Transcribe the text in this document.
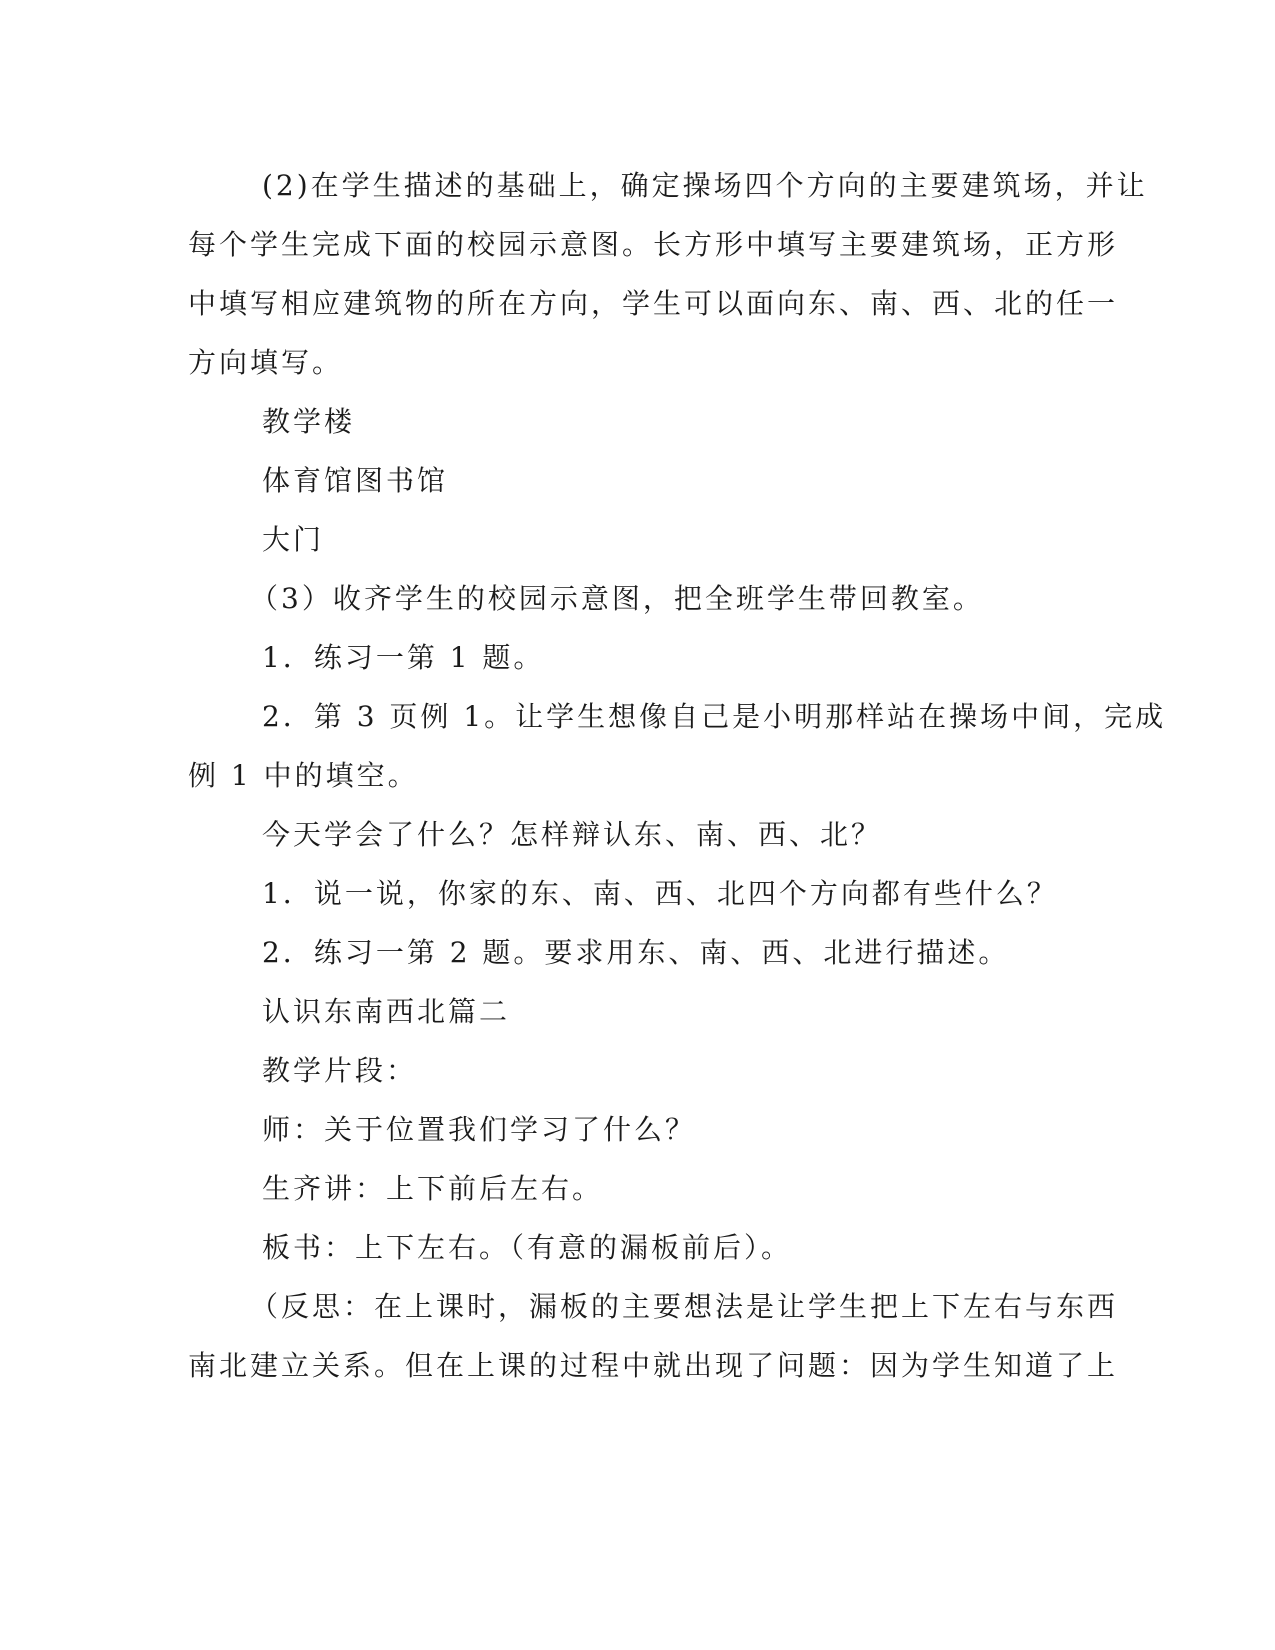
(2)在学生描述的基础上，确定操场四个方向的主要建筑场，并让
每个学生完成下面的校园示意图。长方形中填写主要建筑场，正方形
中填写相应建筑物的所在方向，学生可以面向东、南、西、北的任一
方向填写。
教学楼
体育馆图书馆
大门
（3）收齐学生的校园示意图，把全班学生带回教室。
1．练习一第 1 题。
2．第 3 页例 1。让学生想像自己是小明那样站在操场中间，完成
例 1 中的填空。
今天学会了什么？怎样辩认东、南、西、北？
1．说一说，你家的东、南、西、北四个方向都有些什么？
2．练习一第 2 题。要求用东、南、西、北进行描述。
认识东南西北篇二
教学片段：
师：关于位置我们学习了什么？
生齐讲：上下前后左右。
板书：上下左右。（有意的漏板前后）。
（反思：在上课时，漏板的主要想法是让学生把上下左右与东西
南北建立关系。但在上课的过程中就出现了问题：因为学生知道了上
